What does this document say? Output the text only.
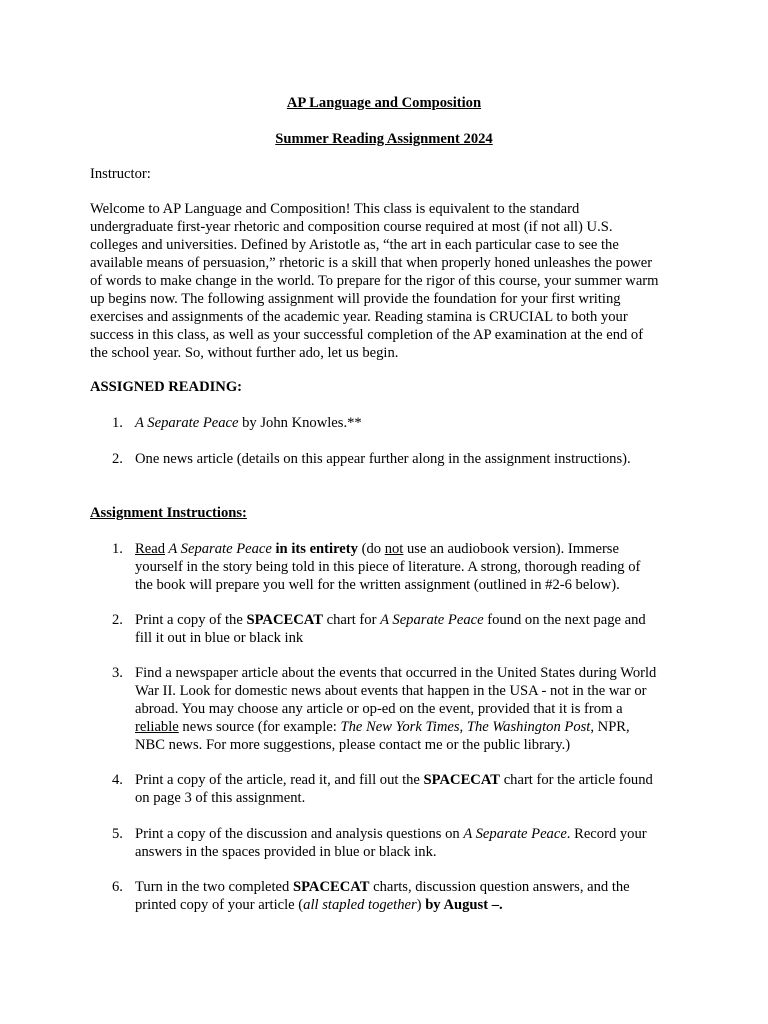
AP Language and Composition
Summer Reading Assignment 2024
Instructor:
Welcome to AP Language and Composition! This class is equivalent to the standard
undergraduate first-year rhetoric and composition course required at most (if not all) U.S.
colleges and universities. Defined by Aristotle as, “the art in each particular case to see the
available means of persuasion,” rhetoric is a skill that when properly honed unleashes the power
of words to make change in the world. To prepare for the rigor of this course, your summer warm
up begins now. The following assignment will provide the foundation for your first writing
exercises and assignments of the academic year. Reading stamina is CRUCIAL to both your
success in this class, as well as your successful completion of the AP examination at the end of
the school year. So, without further ado, let us begin.
ASSIGNED READING:
1. A Separate Peace by John Knowles.**
2. One news article (details on this appear further along in the assignment instructions).
Assignment Instructions:
1. Read A Separate Peace in its entirety (do not use an audiobook version). Immerse
yourself in the story being told in this piece of literature. A strong, thorough reading of
the book will prepare you well for the written assignment (outlined in #2-6 below).
2. Print a copy of the SPACECAT chart for A Separate Peace found on the next page and
fill it out in blue or black ink
3. Find a newspaper article about the events that occurred in the United States during World
War II. Look for domestic news about events that happen in the USA - not in the war or
abroad. You may choose any article or op-ed on the event, provided that it is from a
reliable news source (for example: The New York Times, The Washington Post, NPR,
NBC news. For more suggestions, please contact me or the public library.)
4. Print a copy of the article, read it, and fill out the SPACECAT chart for the article found
on page 3 of this assignment.
5. Print a copy of the discussion and analysis questions on A Separate Peace. Record your
answers in the spaces provided in blue or black ink.
6. Turn in the two completed SPACECAT charts, discussion question answers, and the
printed copy of your article (all stapled together) by August –.
